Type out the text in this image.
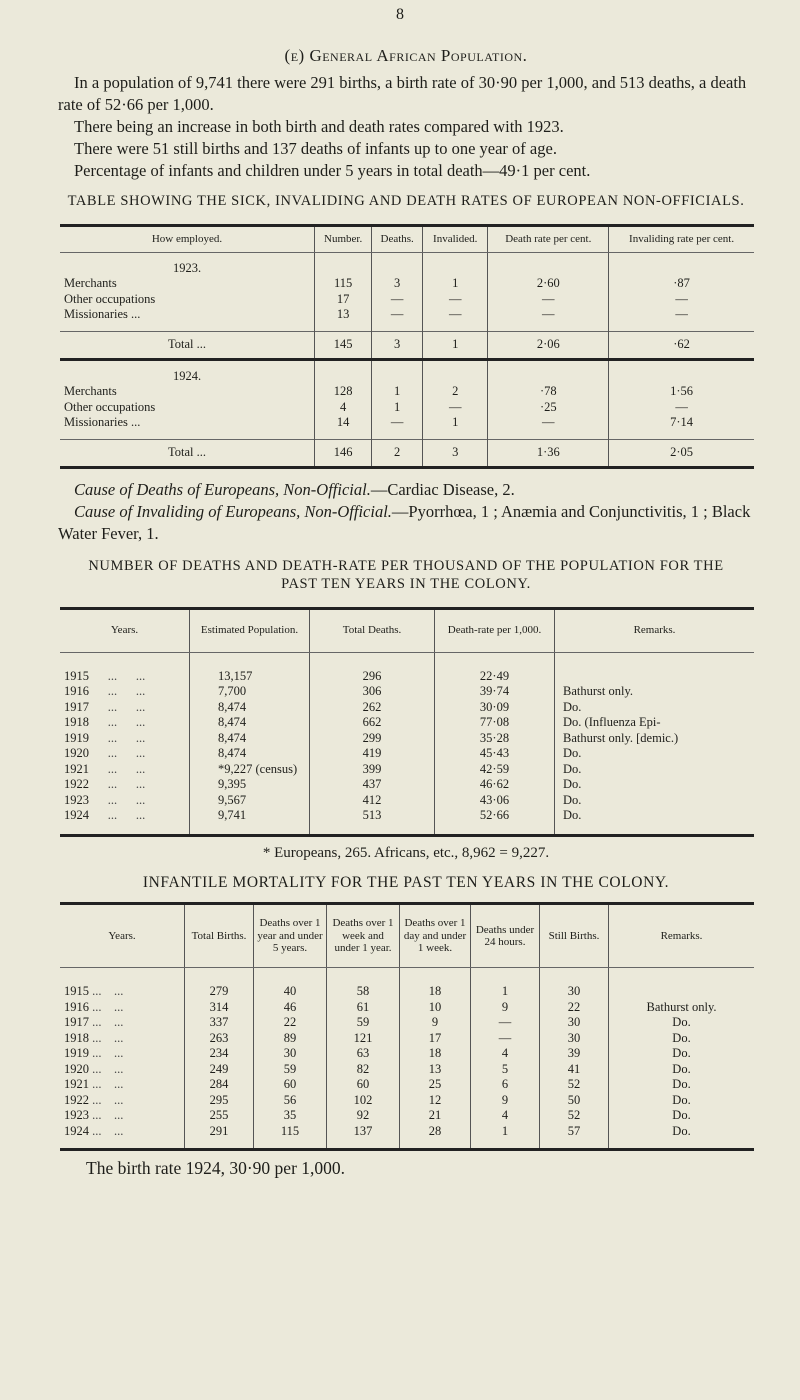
8
(e) General African Population.
In a population of 9,741 there were 291 births, a birth rate of 30·90 per 1,000, and 513 deaths, a death rate of 52·66 per 1,000.
There being an increase in both birth and death rates compared with 1923.
There were 51 still births and 137 deaths of infants up to one year of age.
Percentage of infants and children under 5 years in total death—49·1 per cent.
TABLE SHOWING THE SICK, INVALIDING AND DEATH RATES OF EUROPEAN NON-OFFICIALS.
How employed.	Number.	Deaths.	Invalided.	Death rate per cent.	Invaliding rate per cent.
1923.					
Merchants	115	3	1	2·60	·87
Other occupations	17	—	—	—	—
Missionaries ...	13	—	—	—	—

Total ...	145	3	1	2·06	·62
1924.					
Merchants	128	1	2	·78	1·56
Other occupations	4	1	—	·25	—
Missionaries ...	14	—	1	—	7·14

Total ...	146	2	3	1·36	2·05
Cause of Deaths of Europeans, Non-Official.—Cardiac Disease, 2.
Cause of Invaliding of Europeans, Non-Official.—Pyorrhœa, 1 ; Anæmia and Conjunctivitis, 1 ; Black Water Fever, 1.
NUMBER OF DEATHS AND DEATH-RATE PER THOUSAND OF THE POPULATION FOR THE PAST TEN YEARS IN THE COLONY.
Years.	Estimated Population.	Total Deaths.	Death-rate per 1,000.	Remarks.

1915      ...      ...	13,157	296	22·49	
1916      ...      ...	7,700	306	39·74	Bathurst only.
1917      ...      ...	8,474	262	30·09	Do.
1918      ...      ...	8,474	662	77·08	Do. (Influenza Epi-
1919      ...      ...	8,474	299	35·28	Bathurst only. [demic.)
1920      ...      ...	8,474	419	45·43	Do.
1921      ...      ...	*9,227 (census)	399	42·59	Do.
1922      ...      ...	9,395	437	46·62	Do.
1923      ...      ...	9,567	412	43·06	Do.
1924      ...      ...	9,741	513	52·66	Do.
* Europeans, 265. Africans, etc., 8,962 = 9,227.
INFANTILE MORTALITY FOR THE PAST TEN YEARS IN THE COLONY.
Years.	Total Births.	Deaths over 1 year and under 5 years.	Deaths over 1 week and under 1 year.	Deaths over 1 day and under 1 week.	Deaths under 24 hours.	Still Births.	Remarks.

1915 ...    ...	279	40	58	18	1	30	
1916 ...    ...	314	46	61	10	9	22	Bathurst only.
1917 ...    ...	337	22	59	9	—	30	Do.
1918 ...    ...	263	89	121	17	—	30	Do.
1919 ...    ...	234	30	63	18	4	39	Do.
1920 ...    ...	249	59	82	13	5	41	Do.
1921 ...    ...	284	60	60	25	6	52	Do.
1922 ...    ...	295	56	102	12	9	50	Do.
1923 ...    ...	255	35	92	21	4	52	Do.
1924 ...    ...	291	115	137	28	1	57	Do.
The birth rate 1924, 30·90 per 1,000.
